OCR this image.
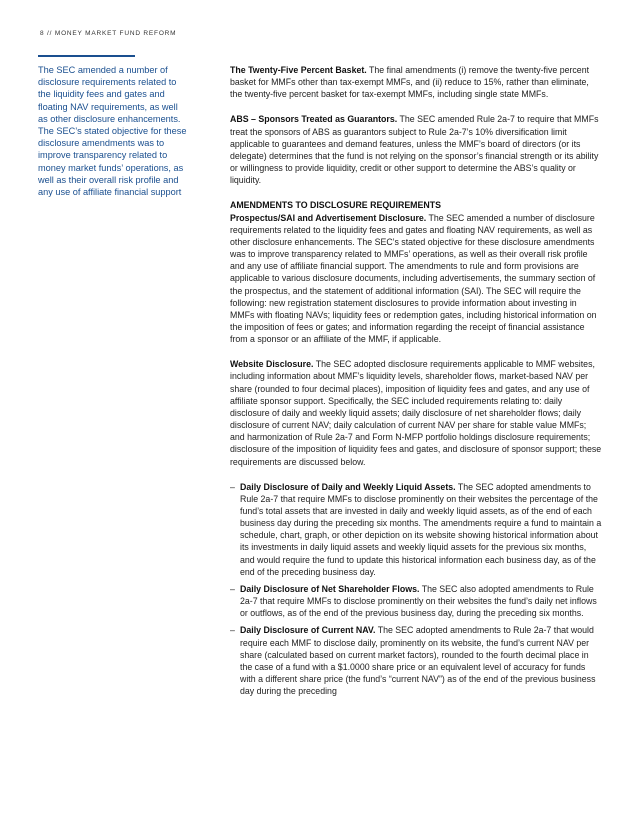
8 // MONEY MARKET FUND REFORM
The SEC amended a number of disclosure requirements related to the liquidity fees and gates and floating NAV requirements, as well as other disclosure enhancements. The SEC’s stated objective for these disclosure amendments was to improve transparency related to money market funds’ operations, as well as their overall risk profile and any use of affiliate financial support

The Twenty-Five Percent Basket. The final amendments (i) remove the twenty-five percent basket for MMFs other than tax-exempt MMFs, and (ii) reduce to 15%, rather than eliminate, the twenty-five percent basket for tax-exempt MMFs, including single state MMFs.

ABS – Sponsors Treated as Guarantors. The SEC amended Rule 2a-7 to require that MMFs treat the sponsors of ABS as guarantors subject to Rule 2a-7’s 10% diversification limit applicable to guarantees and demand features, unless the MMF’s board of directors (or its delegate) determines that the fund is not relying on the sponsor’s financial strength or its ability or willingness to provide liquidity, credit or other support to determine the ABS’s quality or liquidity.

AMENDMENTS TO DISCLOSURE REQUIREMENTS

Prospectus/SAI and Advertisement Disclosure. The SEC amended a number of disclosure requirements related to the liquidity fees and gates and floating NAV requirements, as well as other disclosure enhancements. The SEC’s stated objective for these disclosure amendments was to improve transparency related to MMFs’ operations, as well as their overall risk profile and any use of affiliate financial support. The amendments to rule and form provisions are applicable to various disclosure documents, including advertisements, the summary section of the prospectus, and the statement of additional information (SAI). The SEC will require the following: new registration statement disclosures to provide information about investing in MMFs with floating NAVs; liquidity fees or redemption gates, including historical information on the imposition of fees or gates; and information regarding the receipt of financial assistance from a sponsor or an affiliate of the MMF, if applicable.

Website Disclosure. The SEC adopted disclosure requirements applicable to MMF websites, including information about MMF’s liquidity levels, shareholder flows, market-based NAV per share (rounded to four decimal places), imposition of liquidity fees and gates, and any use of affiliate sponsor support. Specifically, the SEC included requirements relating to: daily disclosure of daily and weekly liquid assets; daily disclosure of net shareholder flows; daily disclosure of current NAV; daily calculation of current NAV per share for stable value MMFs; and harmonization of Rule 2a-7 and Form N-MFP portfolio holdings disclosure requirements; disclosure of the imposition of liquidity fees and gates, and disclosure of sponsor support; these requirements are discussed below.

– Daily Disclosure of Daily and Weekly Liquid Assets. The SEC adopted amendments to Rule 2a-7 that require MMFs to disclose prominently on their websites the percentage of the fund’s total assets that are invested in daily and weekly liquid assets, as of the end of each business day during the preceding six months. The amendments require a fund to maintain a schedule, chart, graph, or other depiction on its website showing historical information about its investments in daily liquid assets and weekly liquid assets for the previous six months, and would require the fund to update this historical information each business day, as of the end of the preceding business day.
– Daily Disclosure of Net Shareholder Flows. The SEC also adopted amendments to Rule 2a-7 that require MMFs to disclose prominently on their websites the fund’s daily net inflows or outflows, as of the end of the previous business day, during the preceding six months.
– Daily Disclosure of Current NAV. The SEC adopted amendments to Rule 2a-7 that would require each MMF to disclose daily, prominently on its website, the fund’s current NAV per share (calculated based on current market factors), rounded to the fourth decimal place in the case of a fund with a $1.0000 share price or an equivalent level of accuracy for funds with a different share price (the fund’s “current NAV”) as of the end of the previous business day during the preceding
